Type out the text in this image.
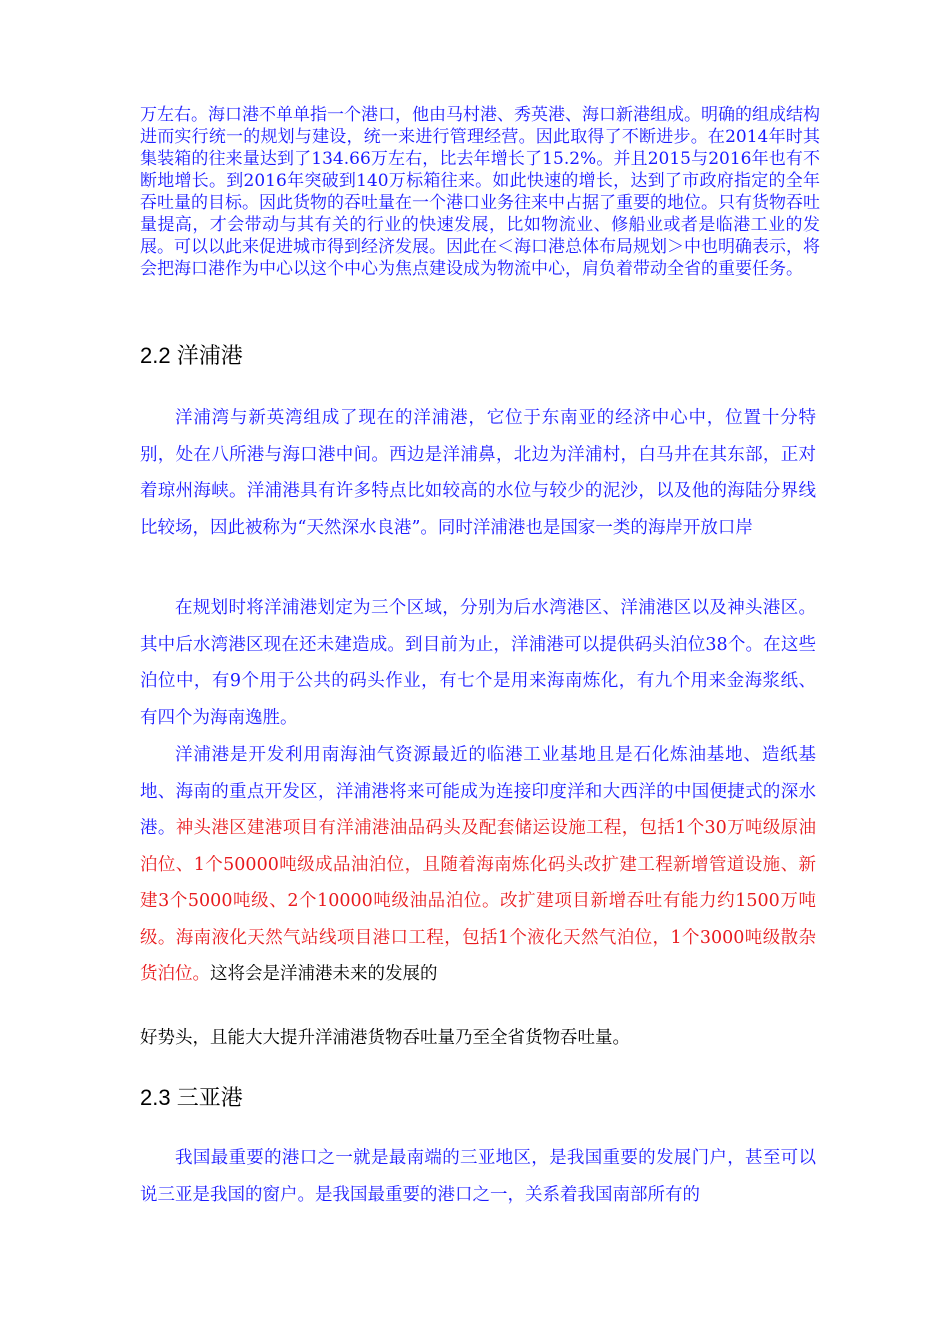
万左右。海口港不单单指一个港口，他由马村港、秀英港、海口新港组成。明确的组成结构进而实行统一的规划与建设，统一来进行管理经营。因此取得了不断进步。在2014年时其集装箱的往来量达到了134.66万左右，比去年增长了15.2%。并且2015与2016年也有不断地增长。到2016年突破到140万标箱往来。如此快速的增长，达到了市政府指定的全年吞吐量的目标。因此货物的吞吐量在一个港口业务往来中占据了重要的地位。只有货物吞吐量提高，才会带动与其有关的行业的快速发展，比如物流业、修船业或者是临港工业的发展。可以以此来促进城市得到经济发展。因此在＜海口港总体布局规划＞中也明确表示，将会把海口港作为中心以这个中心为焦点建设成为物流中心，肩负着带动全省的重要任务。
2.2 洋浦港

洋浦湾与新英湾组成了现在的洋浦港，它位于东南亚的经济中心中，位置十分特别，处在八所港与海口港中间。西边是洋浦鼻，北边为洋浦村，白马井在其东部，正对着琼州海峡。洋浦港具有许多特点比如较高的水位与较少的泥沙，以及他的海陆分界线比较场，因此被称为“天然深水良港”。同时洋浦港也是国家一类的海岸开放口岸

在规划时将洋浦港划定为三个区域，分别为后水湾港区、洋浦港区以及神头港区。其中后水湾港区现在还未建造成。到目前为止，洋浦港可以提供码头泊位38个。在这些泊位中，有9个用于公共的码头作业，有七个是用来海南炼化，有九个用来金海浆纸、有四个为海南逸胜。

洋浦港是开发利用南海油气资源最近的临港工业基地且是石化炼油基地、造纸基地、海南的重点开发区，洋浦港将来可能成为连接印度洋和大西洋的中国便捷式的深水港。神头港区建港项目有洋浦港油品码头及配套储运设施工程，包括1个30万吨级原油泊位、1个50000吨级成品油泊位，且随着海南炼化码头改扩建工程新增管道设施、新建3个5000吨级、2个10000吨级油品泊位。改扩建项目新增吞吐有能力约1500万吨级。海南液化天然气站线项目港口工程，包括1个液化天然气泊位，1个3000吨级散杂货泊位。这将会是洋浦港未来的发展的

好势头，且能大大提升洋浦港货物吞吐量乃至全省货物吞吐量。

2.3 三亚港

我国最重要的港口之一就是最南端的三亚地区，是我国重要的发展门户，甚至可以说三亚是我国的窗户。是我国最重要的港口之一，关系着我国南部所有的
